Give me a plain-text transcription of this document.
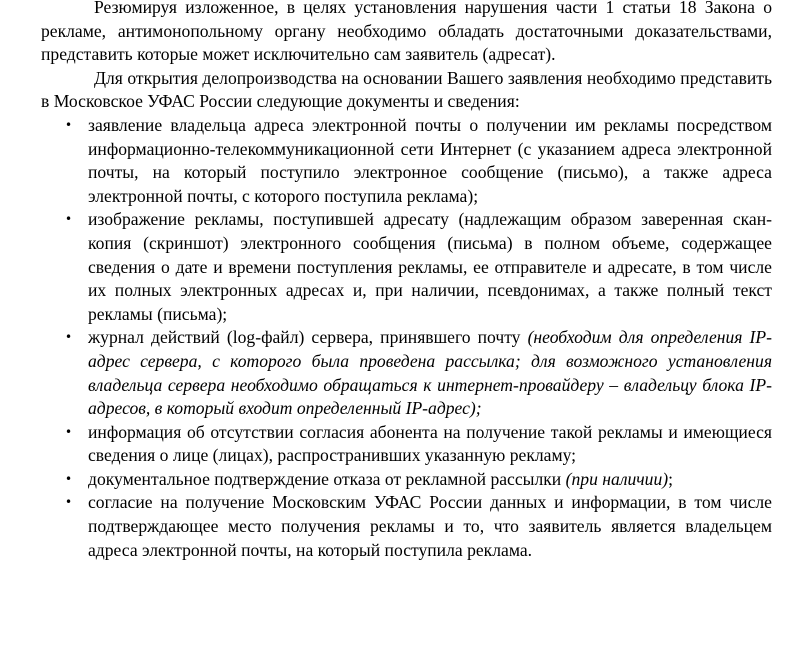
Резюмируя изложенное, в целях установления нарушения части 1 статьи 18 Закона о рекламе, антимонопольному органу необходимо обладать достаточными доказательствами, представить которые может исключительно сам заявитель (адресат).

Для открытия делопроизводства на основании Вашего заявления необходимо представить в Московское УФАС России следующие документы и сведения:

• заявление владельца адреса электронной почты о получении им рекламы посредством информационно-телекоммуникационной сети Интернет (с указанием адреса электронной почты, на который поступило электронное сообщение (письмо), а также адреса электронной почты, с которого поступила реклама);
• изображение рекламы, поступившей адресату (надлежащим образом заверенная скан-копия (скриншот) электронного сообщения (письма) в полном объеме, содержащее сведения о дате и времени поступления рекламы, ее отправителе и адресате, в том числе их полных электронных адресах и, при наличии, псевдонимах, а также полный текст рекламы (письма);
• журнал действий (log-файл) сервера, принявшего почту (необходим для определения IP-адрес сервера, с которого была проведена рассылка; для возможного установления владельца сервера необходимо обращаться к интернет-провайдеру – владельцу блока IP-адресов, в который входит определенный IP-адрес);
• информация об отсутствии согласия абонента на получение такой рекламы и имеющиеся сведения о лице (лицах), распространивших указанную рекламу;
• документальное подтверждение отказа от рекламной рассылки (при наличии);
• согласие на получение Московским УФАС России данных и информации, в том числе подтверждающее место получения рекламы и то, что заявитель является владельцем адреса электронной почты, на который поступила реклама.
